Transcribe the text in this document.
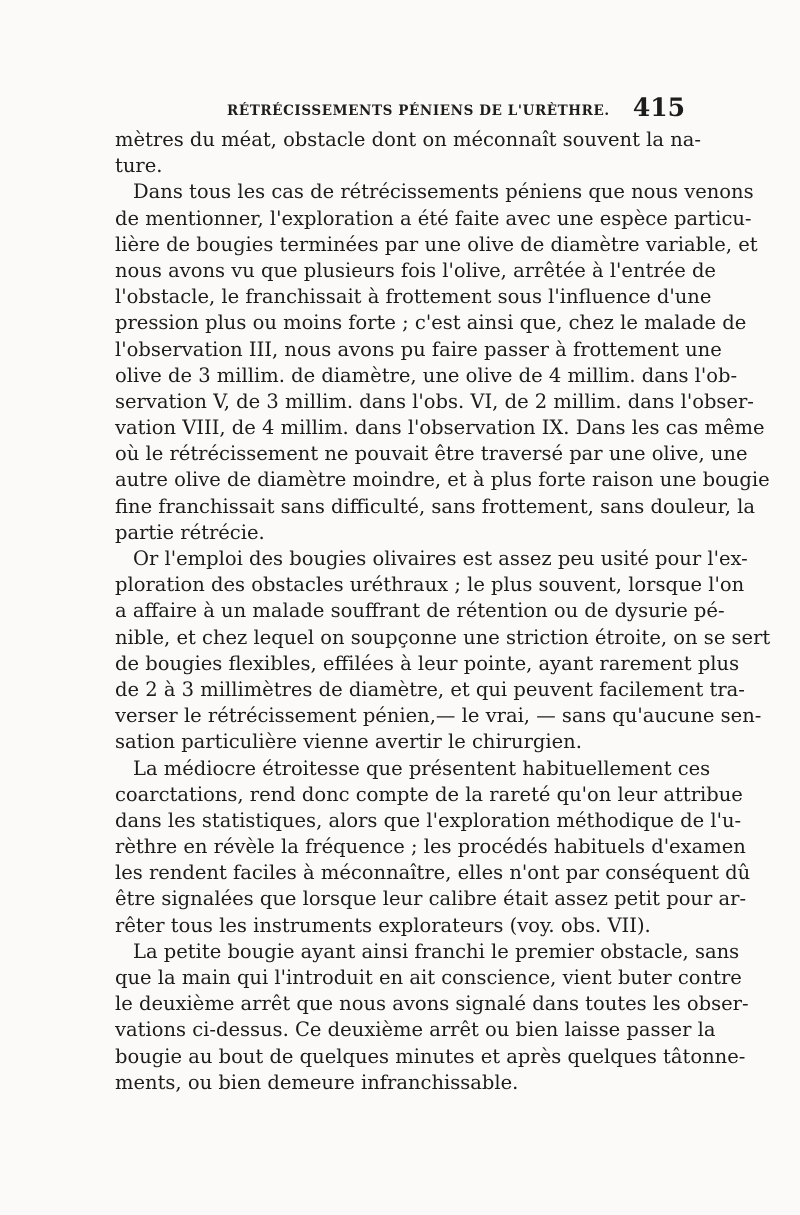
RÉTRÉCISSEMENTS PÉNIENS DE L'URÈTHRE. 415
mètres du méat, obstacle dont on méconnaît souvent la na-
ture.
Dans tous les cas de rétrécissements péniens que nous venons
de mentionner, l'exploration a été faite avec une espèce particu-
lière de bougies terminées par une olive de diamètre variable, et
nous avons vu que plusieurs fois l'olive, arrêtée à l'entrée de
l'obstacle, le franchissait à frottement sous l'influence d'une
pression plus ou moins forte ; c'est ainsi que, chez le malade de
l'observation III, nous avons pu faire passer à frottement une
olive de 3 millim. de diamètre, une olive de 4 millim. dans l'ob-
servation V, de 3 millim. dans l'obs. VI, de 2 millim. dans l'obser-
vation VIII, de 4 millim. dans l'observation IX. Dans les cas même
où le rétrécissement ne pouvait être traversé par une olive, une
autre olive de diamètre moindre, et à plus forte raison une bougie
fine franchissait sans difficulté, sans frottement, sans douleur, la
partie rétrécie.
Or l'emploi des bougies olivaires est assez peu usité pour l'ex-
ploration des obstacles uréthraux ; le plus souvent, lorsque l'on
a affaire à un malade souffrant de rétention ou de dysurie pé-
nible, et chez lequel on soupçonne une striction étroite, on se sert
de bougies flexibles, effilées à leur pointe, ayant rarement plus
de 2 à 3 millimètres de diamètre, et qui peuvent facilement tra-
verser le rétrécissement pénien,— le vrai, — sans qu'aucune sen-
sation particulière vienne avertir le chirurgien.
La médiocre étroitesse que présentent habituellement ces
coarctations, rend donc compte de la rareté qu'on leur attribue
dans les statistiques, alors que l'exploration méthodique de l'u-
rèthre en révèle la fréquence ; les procédés habituels d'examen
les rendent faciles à méconnaître, elles n'ont par conséquent dû
être signalées que lorsque leur calibre était assez petit pour ar-
rêter tous les instruments explorateurs (voy. obs. VII).
La petite bougie ayant ainsi franchi le premier obstacle, sans
que la main qui l'introduit en ait conscience, vient buter contre
le deuxième arrêt que nous avons signalé dans toutes les obser-
vations ci-dessus. Ce deuxième arrêt ou bien laisse passer la
bougie au bout de quelques minutes et après quelques tâtonne-
ments, ou bien demeure infranchissable.
